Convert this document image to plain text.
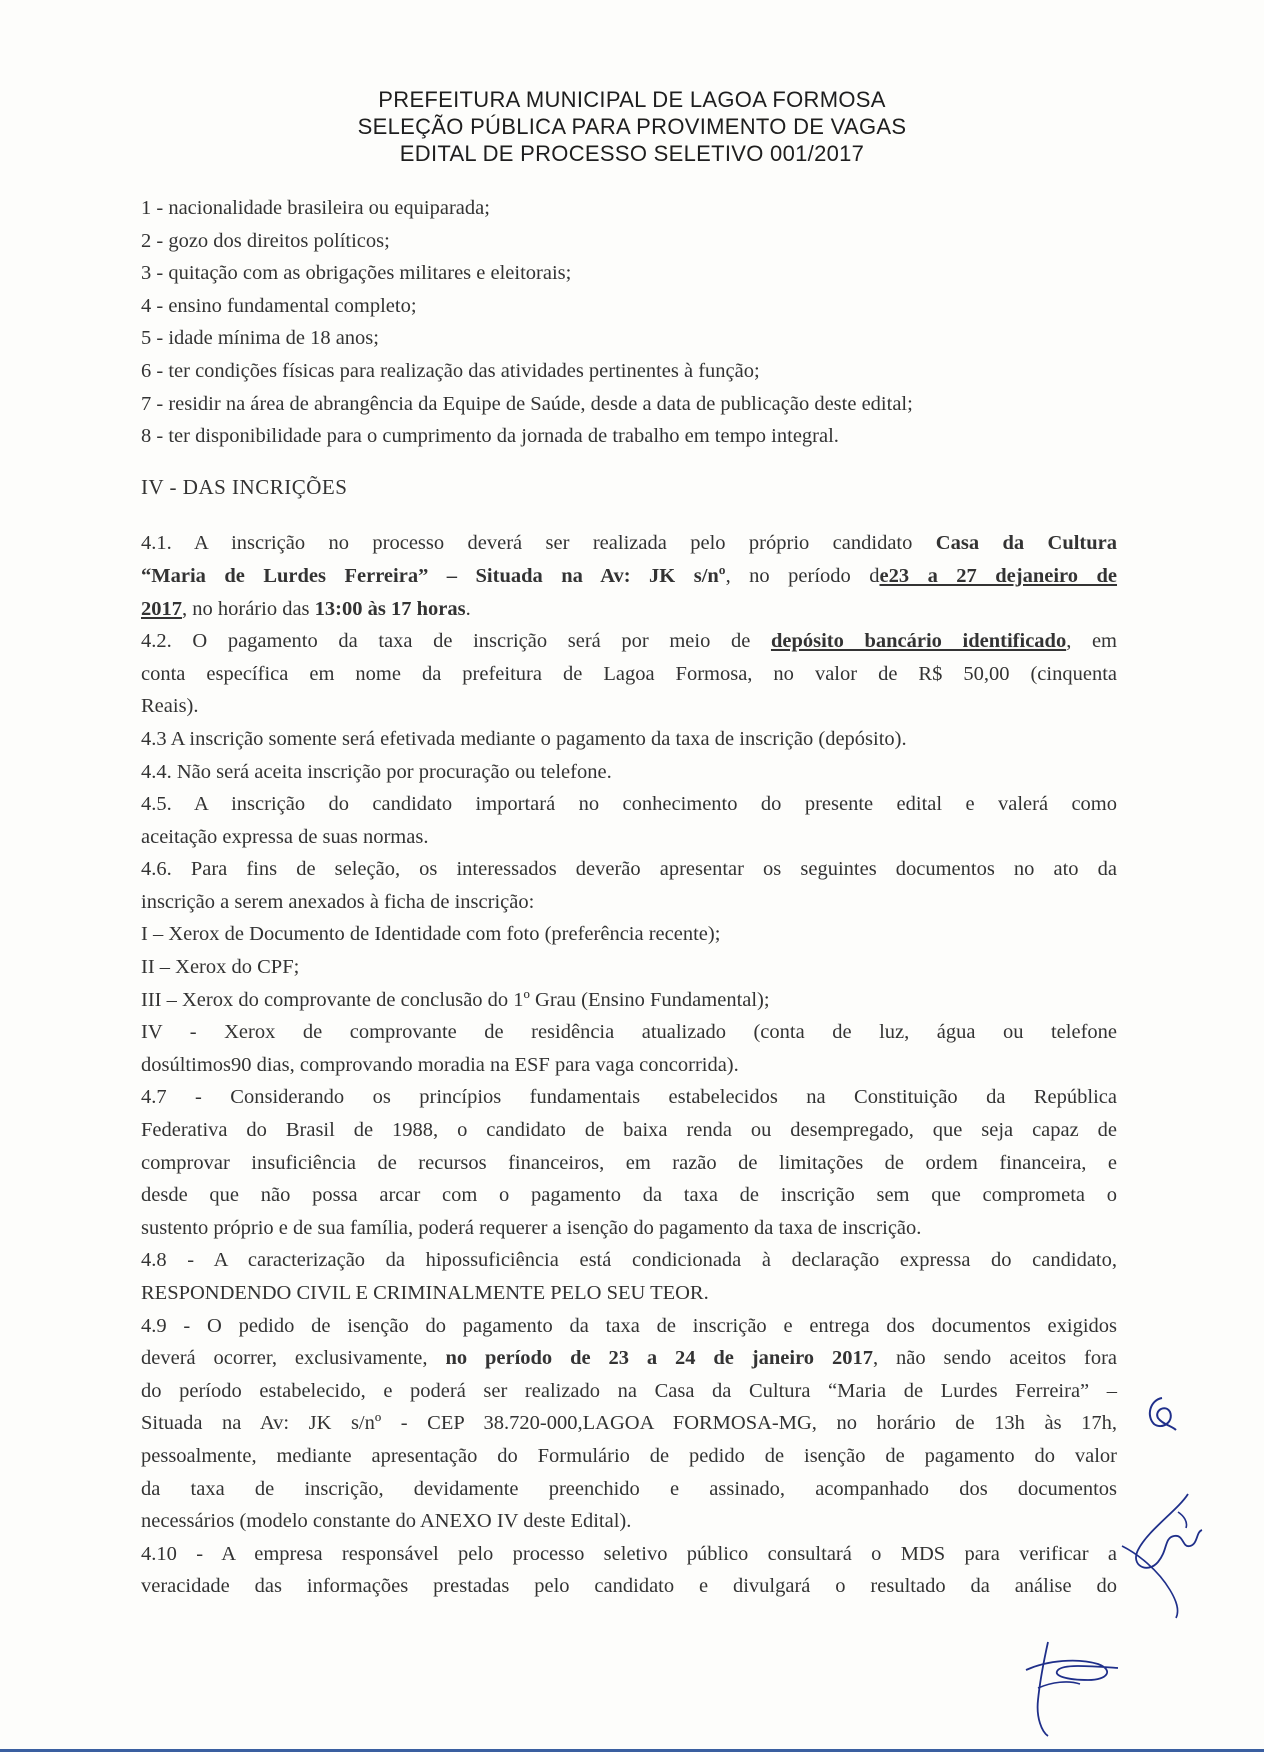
PREFEITURA MUNICIPAL DE LAGOA FORMOSA
SELEÇÃO PÚBLICA PARA PROVIMENTO DE VAGAS
EDITAL DE PROCESSO SELETIVO 001/2017

1 - nacionalidade brasileira ou equiparada;

2 - gozo dos direitos políticos;

3 - quitação com as obrigações militares e eleitorais;

4 - ensino fundamental completo;

5 - idade mínima de 18 anos;

6 - ter condições físicas para realização das atividades pertinentes à função;

7 - residir na área de abrangência da Equipe de Saúde, desde a data de publicação deste edital;

8 - ter disponibilidade para o cumprimento da jornada de trabalho em tempo integral.

IV - DAS INCRIÇÕES
4.1. A inscrição no processo deverá ser realizada pelo próprio candidato Casa da Cultura
“Maria de Lurdes Ferreira” – Situada na Av: JK s/nº, no período de23 a 27 dejaneiro de
2017, no horário das 13:00 às 17 horas.
4.2. O pagamento da taxa de inscrição será por meio de depósito bancário identificado, em
conta específica em nome da prefeitura de Lagoa Formosa, no valor de R$ 50,00 (cinquenta
Reais).
4.3 A inscrição somente será efetivada mediante o pagamento da taxa de inscrição (depósito).
4.4. Não será aceita inscrição por procuração ou telefone.
4.5. A inscrição do candidato importará no conhecimento do presente edital e valerá como
aceitação expressa de suas normas.
4.6. Para fins de seleção, os interessados deverão apresentar os seguintes documentos no ato da
inscrição a serem anexados à ficha de inscrição:
I – Xerox de Documento de Identidade com foto (preferência recente);
II – Xerox do CPF;
III – Xerox do comprovante de conclusão do 1º Grau (Ensino Fundamental);
IV - Xerox de comprovante de residência atualizado (conta de luz, água ou telefone
dosúltimos90 dias, comprovando moradia na ESF para vaga concorrida).
4.7 - Considerando os princípios fundamentais estabelecidos na Constituição da República
Federativa do Brasil de 1988, o candidato de baixa renda ou desempregado, que seja capaz de
comprovar insuficiência de recursos financeiros, em razão de limitações de ordem financeira, e
desde que não possa arcar com o pagamento da taxa de inscrição sem que comprometa o
sustento próprio e de sua família, poderá requerer a isenção do pagamento da taxa de inscrição.
4.8 - A caracterização da hipossuficiência está condicionada à declaração expressa do candidato,
RESPONDENDO CIVIL E CRIMINALMENTE PELO SEU TEOR.
4.9 - O pedido de isenção do pagamento da taxa de inscrição e entrega dos documentos exigidos
deverá ocorrer, exclusivamente, no período de 23 a 24 de janeiro 2017, não sendo aceitos fora
do período estabelecido, e poderá ser realizado na Casa da Cultura “Maria de Lurdes Ferreira” –
Situada na Av: JK s/nº - CEP 38.720-000,LAGOA FORMOSA-MG, no horário de 13h às 17h,
pessoalmente, mediante apresentação do Formulário de pedido de isenção de pagamento do valor
da taxa de inscrição, devidamente preenchido e assinado, acompanhado dos documentos
necessários (modelo constante do ANEXO IV deste Edital).
4.10 - A empresa responsável pelo processo seletivo público consultará o MDS para verificar a
veracidade das informações prestadas pelo candidato e divulgará o resultado da análise do
